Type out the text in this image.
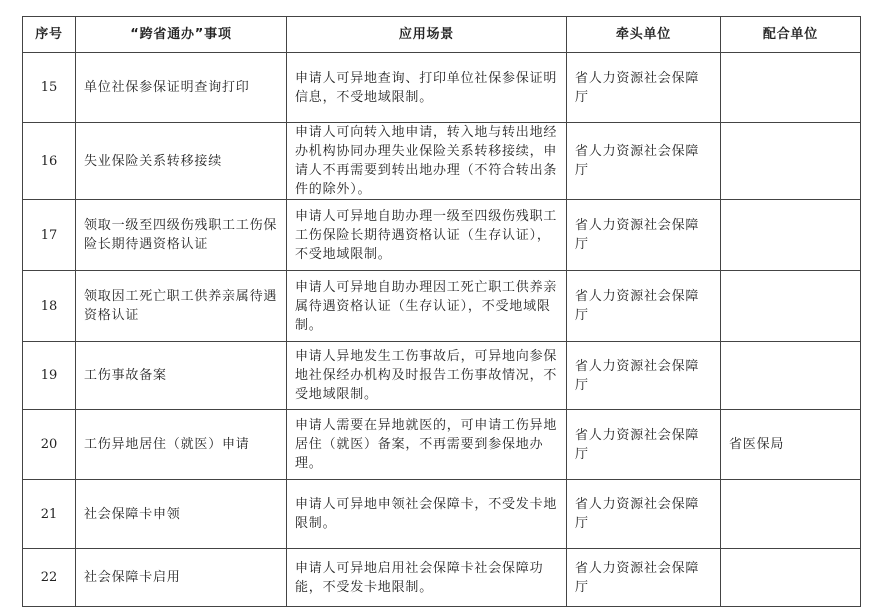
序号	“跨省通办”事项	应用场景	牵头单位	配合单位
15	单位社保参保证明查询打印	申请人可异地查询、打印单位社保参保证明信息，不受地域限制。	省人力资源社会保障厅	
16	失业保险关系转移接续	申请人可向转入地申请，转入地与转出地经办机构协同办理失业保险关系转移接续，申请人不再需要到转出地办理（不符合转出条件的除外）。	省人力资源社会保障厅	
17	领取一级至四级伤残职工工伤保险长期待遇资格认证	申请人可异地自助办理一级至四级伤残职工工伤保险长期待遇资格认证（生存认证），不受地域限制。	省人力资源社会保障厅	
18	领取因工死亡职工供养亲属待遇资格认证	申请人可异地自助办理因工死亡职工供养亲属待遇资格认证（生存认证），不受地域限制。	省人力资源社会保障厅	
19	工伤事故备案	申请人异地发生工伤事故后，可异地向参保地社保经办机构及时报告工伤事故情况，不受地域限制。	省人力资源社会保障厅	
20	工伤异地居住（就医）申请	申请人需要在异地就医的，可申请工伤异地居住（就医）备案，不再需要到参保地办理。	省人力资源社会保障厅	省医保局
21	社会保障卡申领	申请人可异地申领社会保障卡，不受发卡地限制。	省人力资源社会保障厅	
22	社会保障卡启用	申请人可异地启用社会保障卡社会保障功能，不受发卡地限制。	省人力资源社会保障厅	
